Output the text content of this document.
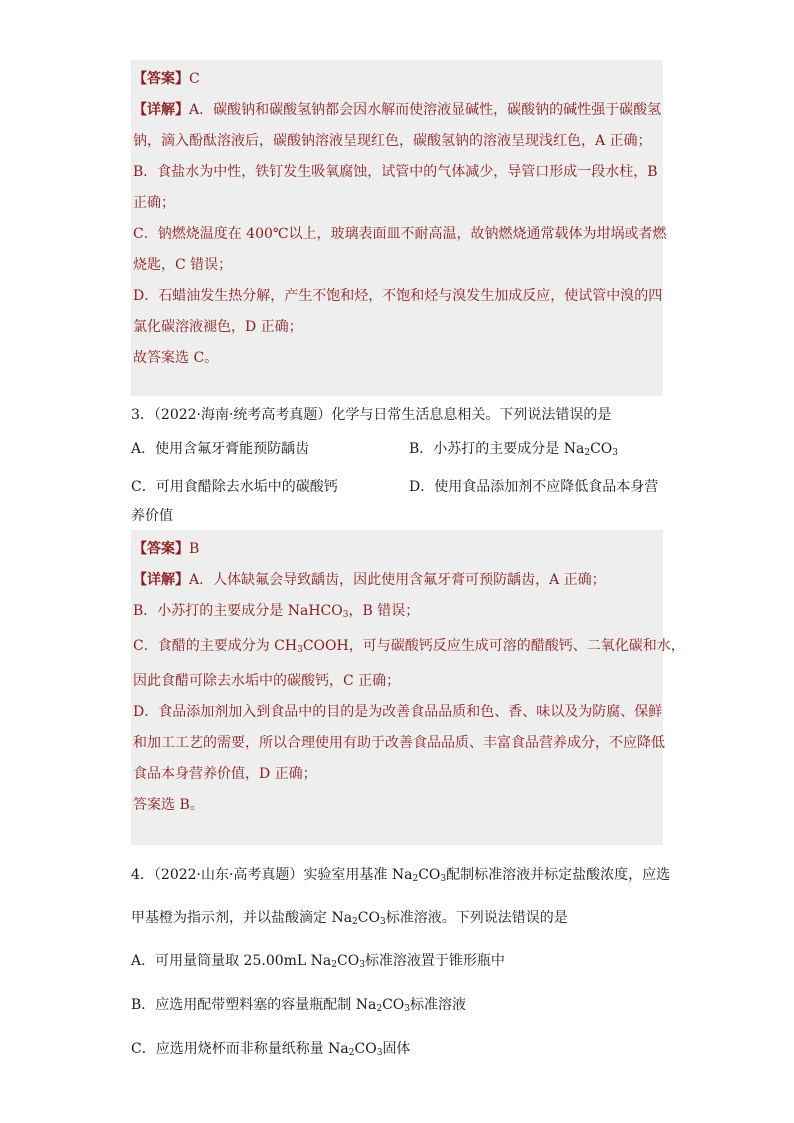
【答案】C
【详解】A．碳酸钠和碳酸氢钠都会因水解而使溶液显碱性，碳酸钠的碱性强于碳酸氢
钠，滴入酚酞溶液后，碳酸钠溶液呈现红色，碳酸氢钠的溶液呈现浅红色，A 正确；
B．食盐水为中性，铁钉发生吸氧腐蚀，试管中的气体减少，导管口形成一段水柱，B
正确；
C．钠燃烧温度在 400℃以上，玻璃表面皿不耐高温，故钠燃烧通常载体为坩埚或者燃
烧匙，C 错误；
D．石蜡油发生热分解，产生不饱和烃，不饱和烃与溴发生加成反应，使试管中溴的四
氯化碳溶液褪色，D 正确；
故答案选 C。
3．（2022·海南·统考高考真题）化学与日常生活息息相关。下列说法错误的是
A．使用含氟牙膏能预防龋齿	B．小苏打的主要成分是 $Na_2CO_3$
C．可用食醋除去水垢中的碳酸钙	D．使用食品添加剂不应降低食品本身营
养价值
【答案】B
【详解】A．人体缺氟会导致龋齿，因此使用含氟牙膏可预防龋齿，A 正确；
B．小苏打的主要成分是 NaHCO$_3$，B 错误；
C．食醋的主要成分为 $CH_3COOH$，可与碳酸钙反应生成可溶的醋酸钙、二氧化碳和水，
因此食醋可除去水垢中的碳酸钙，C 正确；
D．食品添加剂加入到食品中的目的是为改善食品品质和色、香、味以及为防腐、保鲜
和加工工艺的需要，所以合理使用有助于改善食品品质、丰富食品营养成分，不应降低
食品本身营养价值，D 正确；
答案选 B。
4．（2022·山东·高考真题）实验室用基准 $Na_2CO_3$配制标准溶液并标定盐酸浓度，应选
甲基橙为指示剂，并以盐酸滴定 $Na_2CO_3$标准溶液。下列说法错误的是
A．可用量筒量取 25.00mL $Na_2CO_3$标准溶液置于锥形瓶中
B．应选用配带塑料塞的容量瓶配制 $Na_2CO_3$标准溶液
C．应选用烧杯而非称量纸称量 $Na_2CO_3$固体
